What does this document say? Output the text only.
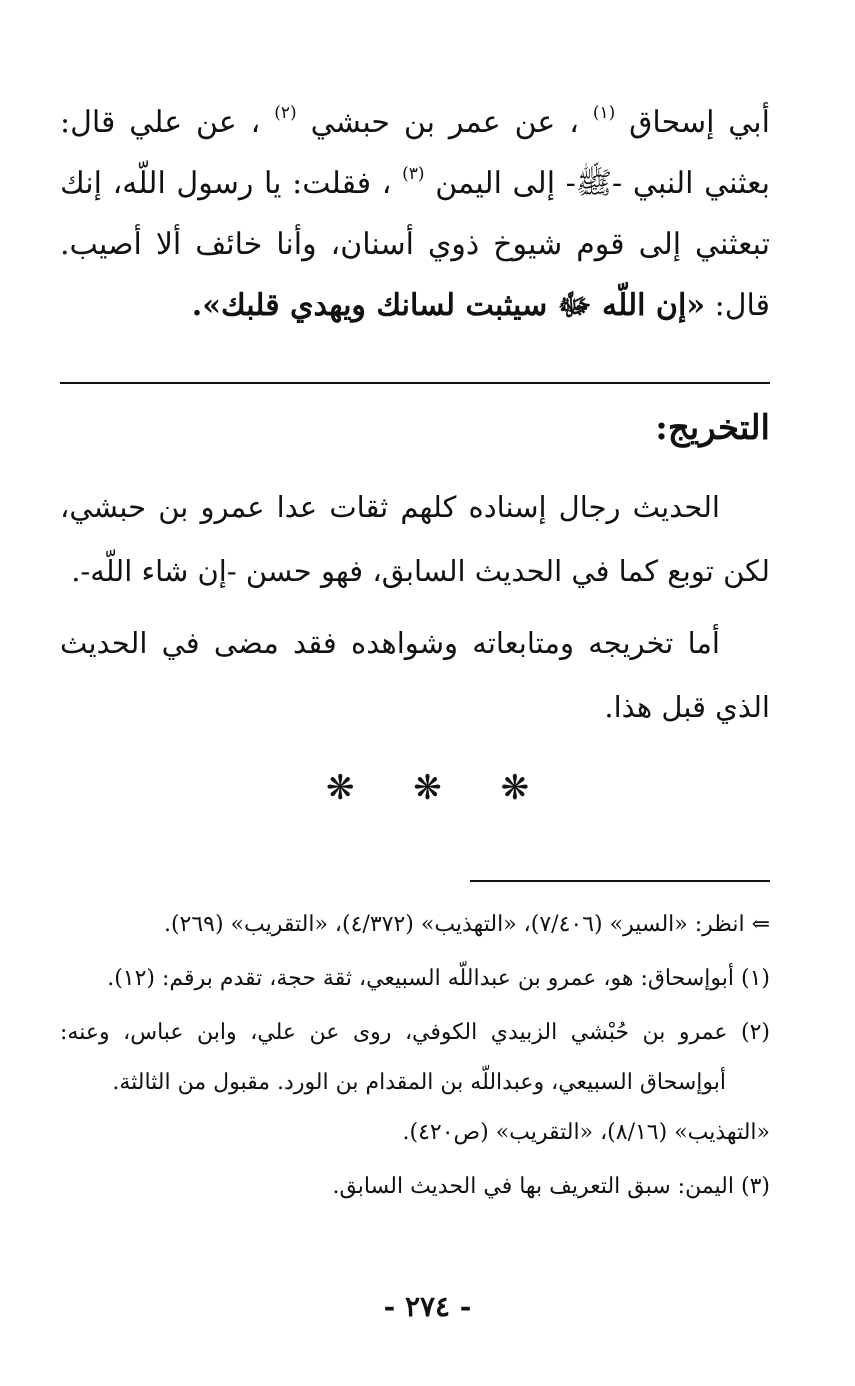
أبي إسحاق $^{(١)}$ ، عن عمر بن حبشي $^{(٢)}$ ، عن علي قال: بعثني النبي -ﷺ- إلى اليمن $^{(٣)}$ ، فقلت: يا رسول اللّه، إنك تبعثني إلى قوم شيوخ ذوي أسنان، وأنا خائف ألا أصيب. قال: «إن اللّه ﷻ سيثبت لسانك ويهدي قلبك».

التخريج:

الحديث رجال إسناده كلهم ثقات عدا عمرو بن حبشي، لكن توبع كما في الحديث السابق، فهو حسن -إن شاء اللّه-.

أما تخريجه ومتابعاته وشواهده فقد مضى في الحديث الذي قبل هذا.

❋ ❋ ❋

⇐ انظر: «السير» (٧/٤٠٦)، «التهذيب» (٤/٣٧٢)، «التقريب» (٢٦٩).

(١) أبوإسحاق: هو، عمرو بن عبداللّه السبيعي، ثقة حجة، تقدم برقم: (١٢).

(٢) عمرو بن حُبْشي الزبيدي الكوفي، روى عن علي، وابن عباس، وعنه: أبوإسحاق السبيعي، وعبداللّه بن المقدام بن الورد. مقبول من الثالثة.
«التهذيب» (٨/١٦)، «التقريب» (ص٤٢٠).

(٣) اليمن: سبق التعريف بها في الحديث السابق.

- ٢٧٤ -
